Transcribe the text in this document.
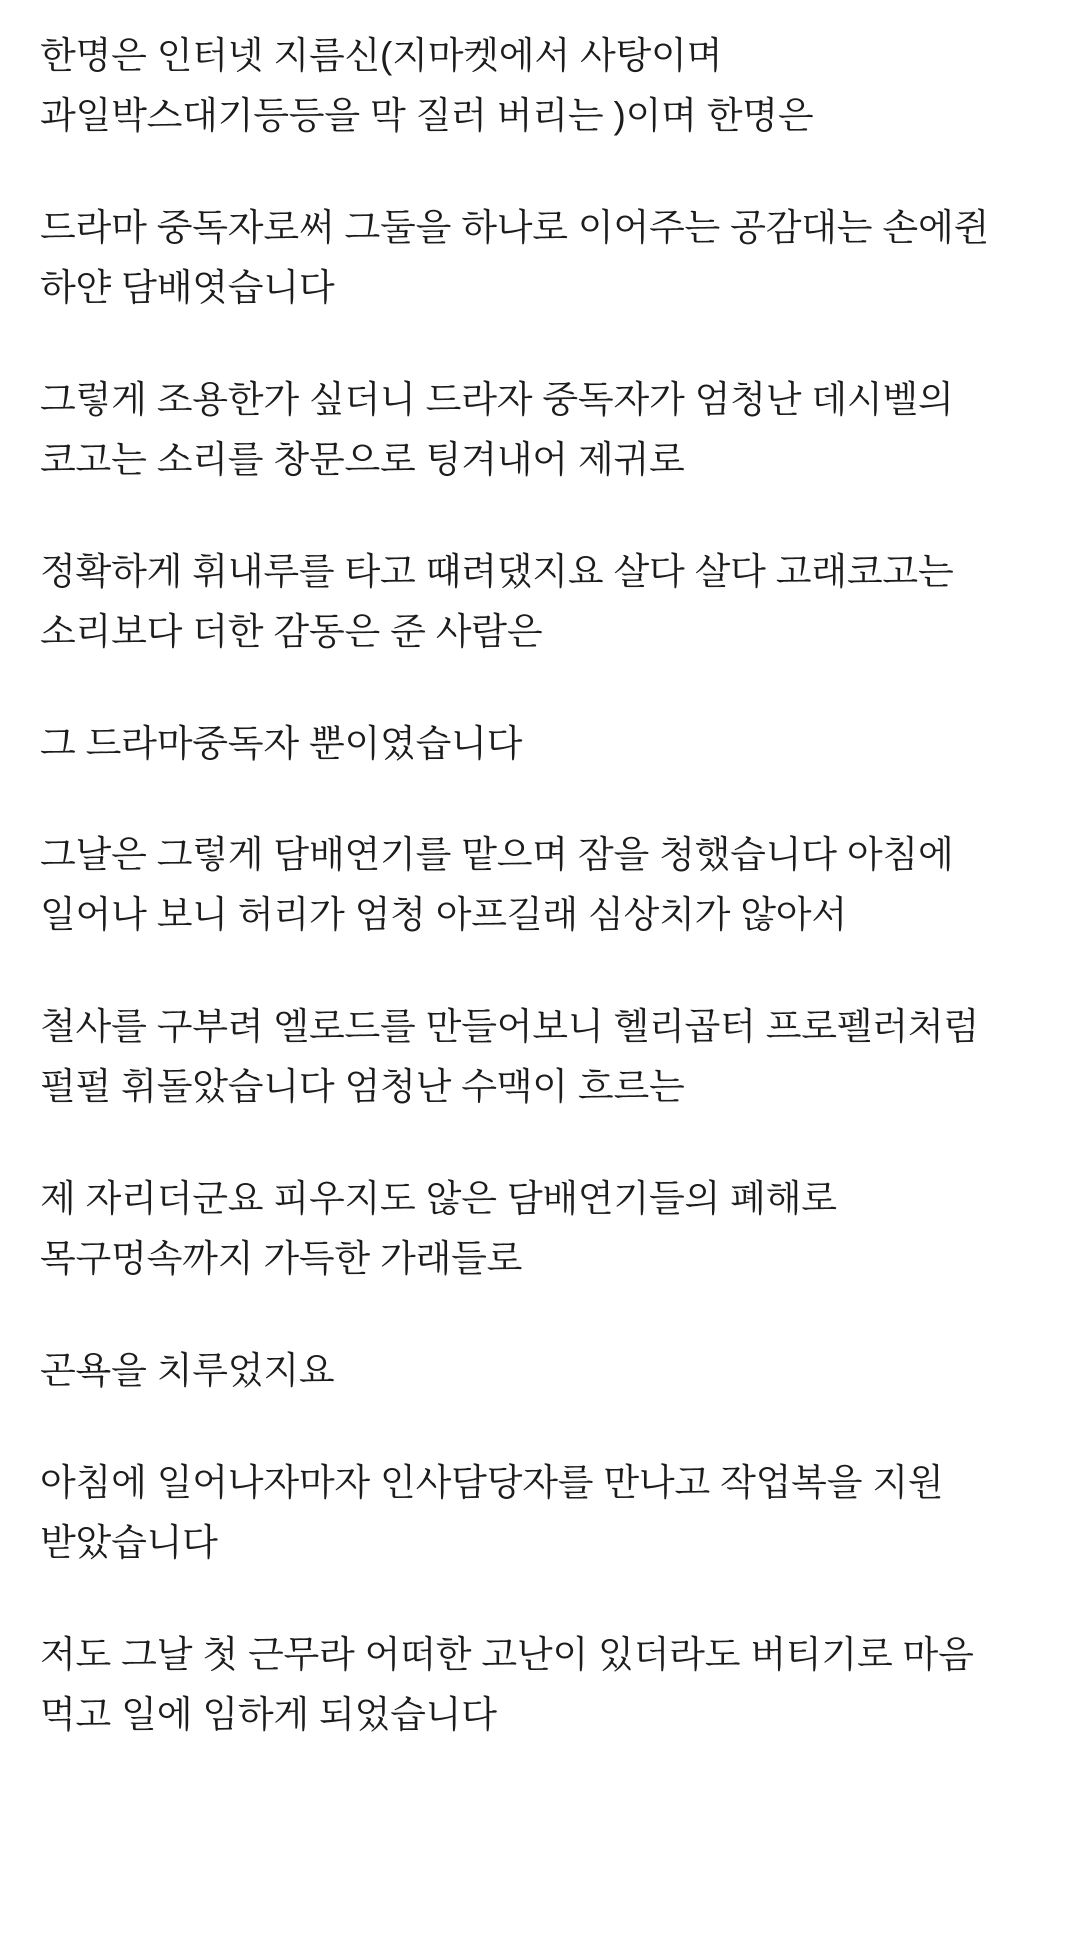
한명은 인터넷 지름신(지마켓에서 사탕이며 과일박스대기등등을 막 질러 버리는 )이며 한명은

드라마 중독자로써 그둘을 하나로 이어주는 공감대는 손에쥔 하얀 담배엿습니다

그렇게 조용한가 싶더니 드라자 중독자가 엄청난 데시벨의 코고는 소리를 창문으로 팅겨내어 제귀로

정확하게 휘내루를 타고 떄려댔지요 살다 살다 고래코고는 소리보다 더한 감동은 준 사람은

그 드라마중독자 뿐이였습니다

그날은 그렇게 담배연기를 맡으며 잠을 청했습니다 아침에 일어나 보니 허리가 엄청 아프길래 심상치가 않아서

철사를 구부려 엘로드를 만들어보니 헬리곱터 프로펠러처럼 펄펄 휘돌았습니다 엄청난 수맥이 흐르는

제 자리더군요 피우지도 않은 담배연기들의 폐해로 목구멍속까지 가득한 가래들로

곤욕을 치루었지요

아침에 일어나자마자 인사담당자를 만나고 작업복을 지원 받았습니다

저도 그날 첫 근무라 어떠한 고난이 있더라도 버티기로 마음 먹고 일에 임하게 되었습니다
